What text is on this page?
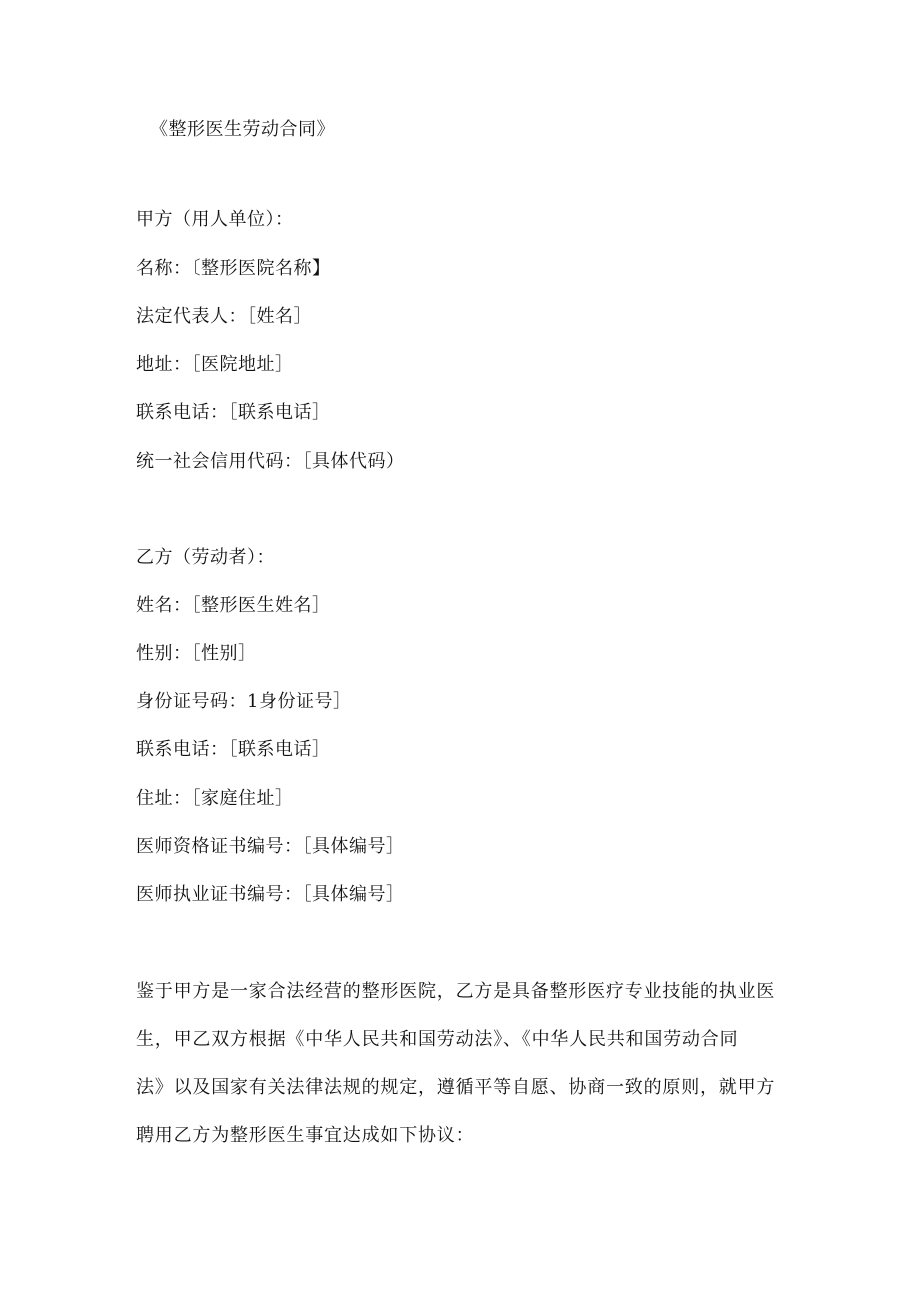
《整形医生劳动合同》
甲方（用人单位）：
名称：〔整形医院名称】
法定代表人：［姓名］
地址：［医院地址］
联系电话：［联系电话］
统一社会信用代码：［具体代码）
乙方（劳动者）：
姓名：［整形医生姓名］
性别：［性别］
身份证号码：1身份证号］
联系电话：［联系电话］
住址：［家庭住址］
医师资格证书编号：［具体编号］
医师执业证书编号：［具体编号］
鉴于甲方是一家合法经营的整形医院，乙方是具备整形医疗专业技能的执业医
生，甲乙双方根据《中华人民共和国劳动法》、《中华人民共和国劳动合同
法》以及国家有关法律法规的规定，遵循平等自愿、协商一致的原则，就甲方
聘用乙方为整形医生事宜达成如下协议：
